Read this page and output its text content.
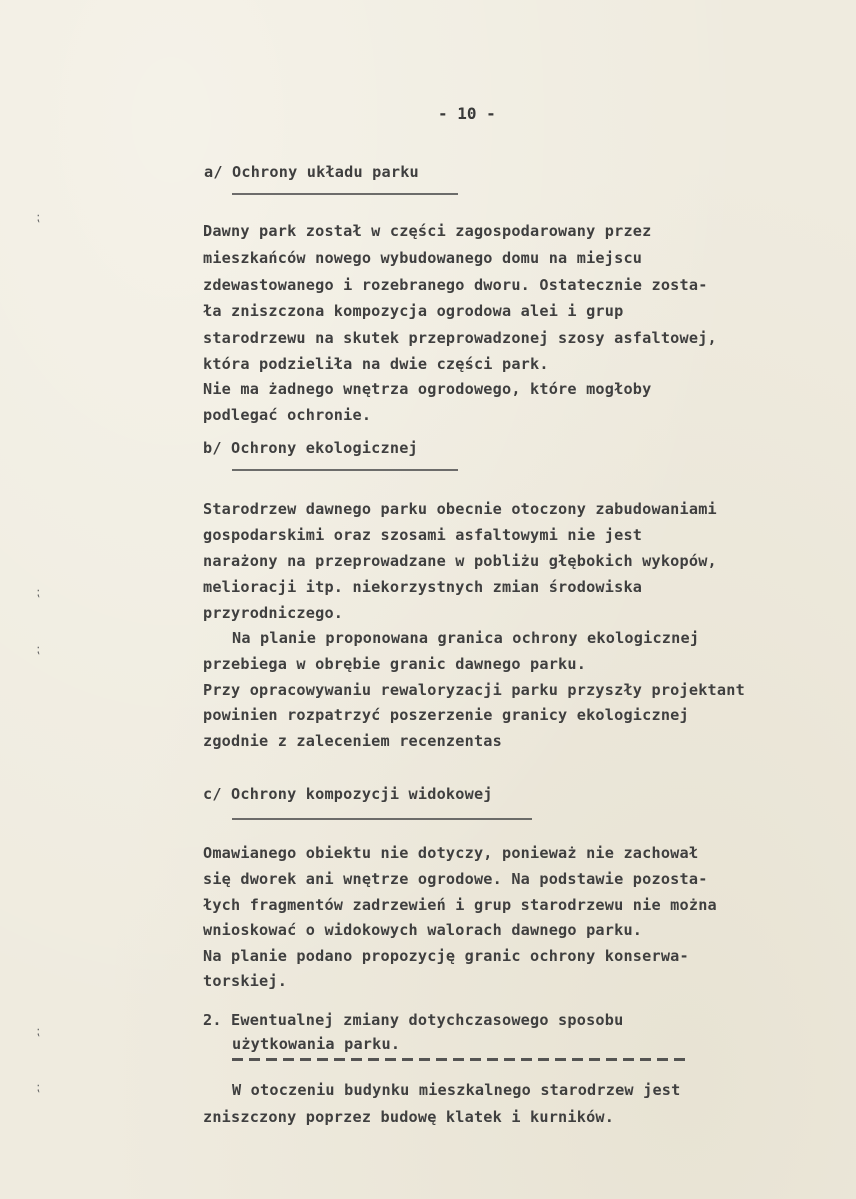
- 10 -
a/ Ochrony układu parku
Dawny park został w części zagospodarowany przez
mieszkańców nowego wybudowanego domu na miejscu
zdewastowanego i rozebranego dworu. Ostatecznie zosta-
ła zniszczona kompozycja ogrodowa alei i grup
starodrzewu na skutek przeprowadzonej szosy asfaltowej,
która podzieliła na dwie części park.
Nie ma żadnego wnętrza ogrodowego, które mogłoby
podlegać ochronie.
b/ Ochrony ekologicznej
Starodrzew dawnego parku obecnie otoczony zabudowaniami
gospodarskimi oraz szosami asfaltowymi nie jest
narażony na przeprowadzane w pobliżu głębokich wykopów,
melioracji itp. niekorzystnych zmian środowiska
przyrodniczego.
Na planie proponowana granica ochrony ekologicznej
przebiega w obrębie granic dawnego parku.
Przy opracowywaniu rewaloryzacji parku przyszły projektant
powinien rozpatrzyć poszerzenie granicy ekologicznej
zgodnie z zaleceniem recenzentas
c/ Ochrony kompozycji widokowej
Omawianego obiektu nie dotyczy, ponieważ nie zachował
się dworek ani wnętrze ogrodowe. Na podstawie pozosta-
łych fragmentów zadrzewień i grup starodrzewu nie można
wnioskować o widokowych walorach dawnego parku.
Na planie podano propozycję granic ochrony konserwa-
torskiej.
2. Ewentualnej zmiany dotychczasowego sposobu
użytkowania parku.
W otoczeniu budynku mieszkalnego starodrzew jest
zniszczony poprzez budowę klatek i kurników.
⁏
⁏
⁏
⁏
⁏
